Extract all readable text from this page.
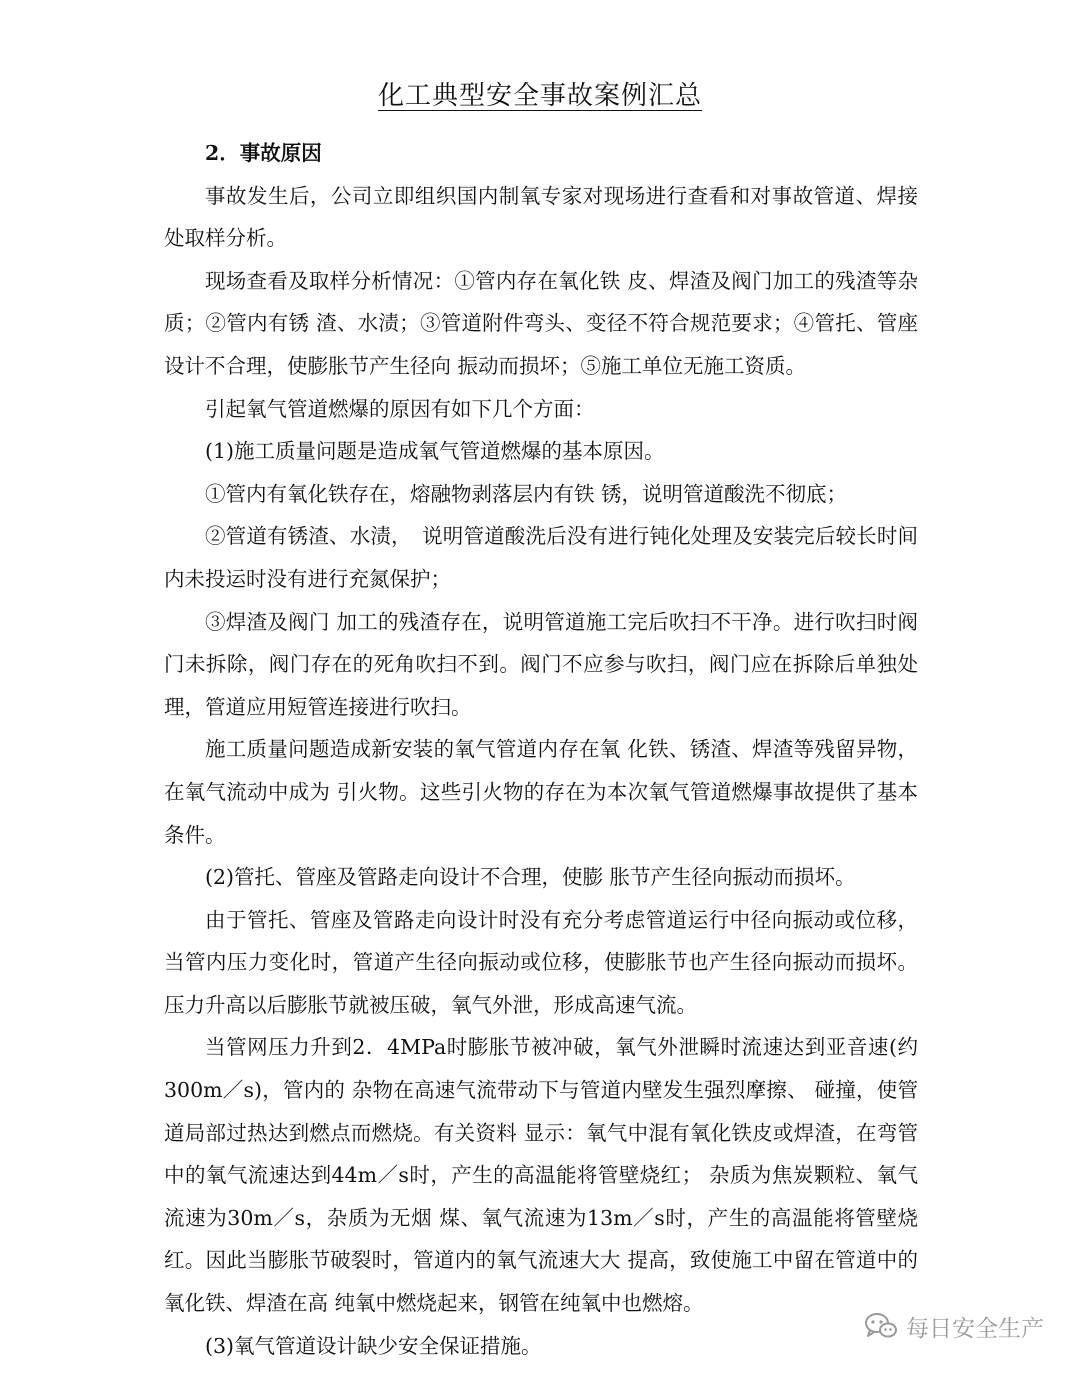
化工典型安全事故案例汇总

2．事故原因

事故发生后，公司立即组织国内制氧专家对现场进行查看和对事故管道、焊接处取样分析。

现场查看及取样分析情况：①管内存在氧化铁 皮、焊渣及阀门加工的残渣等杂质；②管内有锈 渣、水渍；③管道附件弯头、变径不符合规范要求；④管托、管座设计不合理，使膨胀节产生径向 振动而损坏；⑤施工单位无施工资质。

引起氧气管道燃爆的原因有如下几个方面：

(1)施工质量问题是造成氧气管道燃爆的基本原因。

①管内有氧化铁存在，熔融物剥落层内有铁 锈，说明管道酸洗不彻底；

②管道有锈渣、水渍，　说明管道酸洗后没有进行钝化处理及安装完后较长时间内未投运时没有进行充氮保护；

③焊渣及阀门 加工的残渣存在，说明管道施工完后吹扫不干净。进行吹扫时阀门未拆除，阀门存在的死角吹扫不到。阀门不应参与吹扫，阀门应在拆除后单独处理，管道应用短管连接进行吹扫。

施工质量问题造成新安装的氧气管道内存在氧 化铁、锈渣、焊渣等残留异物，在氧气流动中成为 引火物。这些引火物的存在为本次氧气管道燃爆事故提供了基本条件。

(2)管托、管座及管路走向设计不合理，使膨 胀节产生径向振动而损坏。

由于管托、管座及管路走向设计时没有充分考虑管道运行中径向振动或位移，当管内压力变化时，管道产生径向振动或位移，使膨胀节也产生径向振动而损坏。压力升高以后膨胀节就被压破，氧气外泄，形成高速气流。

当管网压力升到2．4MPa时膨胀节被冲破，氧气外泄瞬时流速达到亚音速(约300m／s)，管内的 杂物在高速气流带动下与管道内壁发生强烈摩擦、 碰撞，使管道局部过热达到燃点而燃烧。有关资料 显示：氧气中混有氧化铁皮或焊渣，在弯管中的氧气流速达到44m／s时，产生的高温能将管壁烧红； 杂质为焦炭颗粒、氧气流速为30m／s，杂质为无烟 煤、氧气流速为13m／s时，产生的高温能将管壁烧 红。因此当膨胀节破裂时，管道内的氧气流速大大 提高，致使施工中留在管道中的氧化铁、焊渣在高 纯氧中燃烧起来，钢管在纯氧中也燃熔。

(3)氧气管道设计缺少安全保证措施。

每日安全生产
